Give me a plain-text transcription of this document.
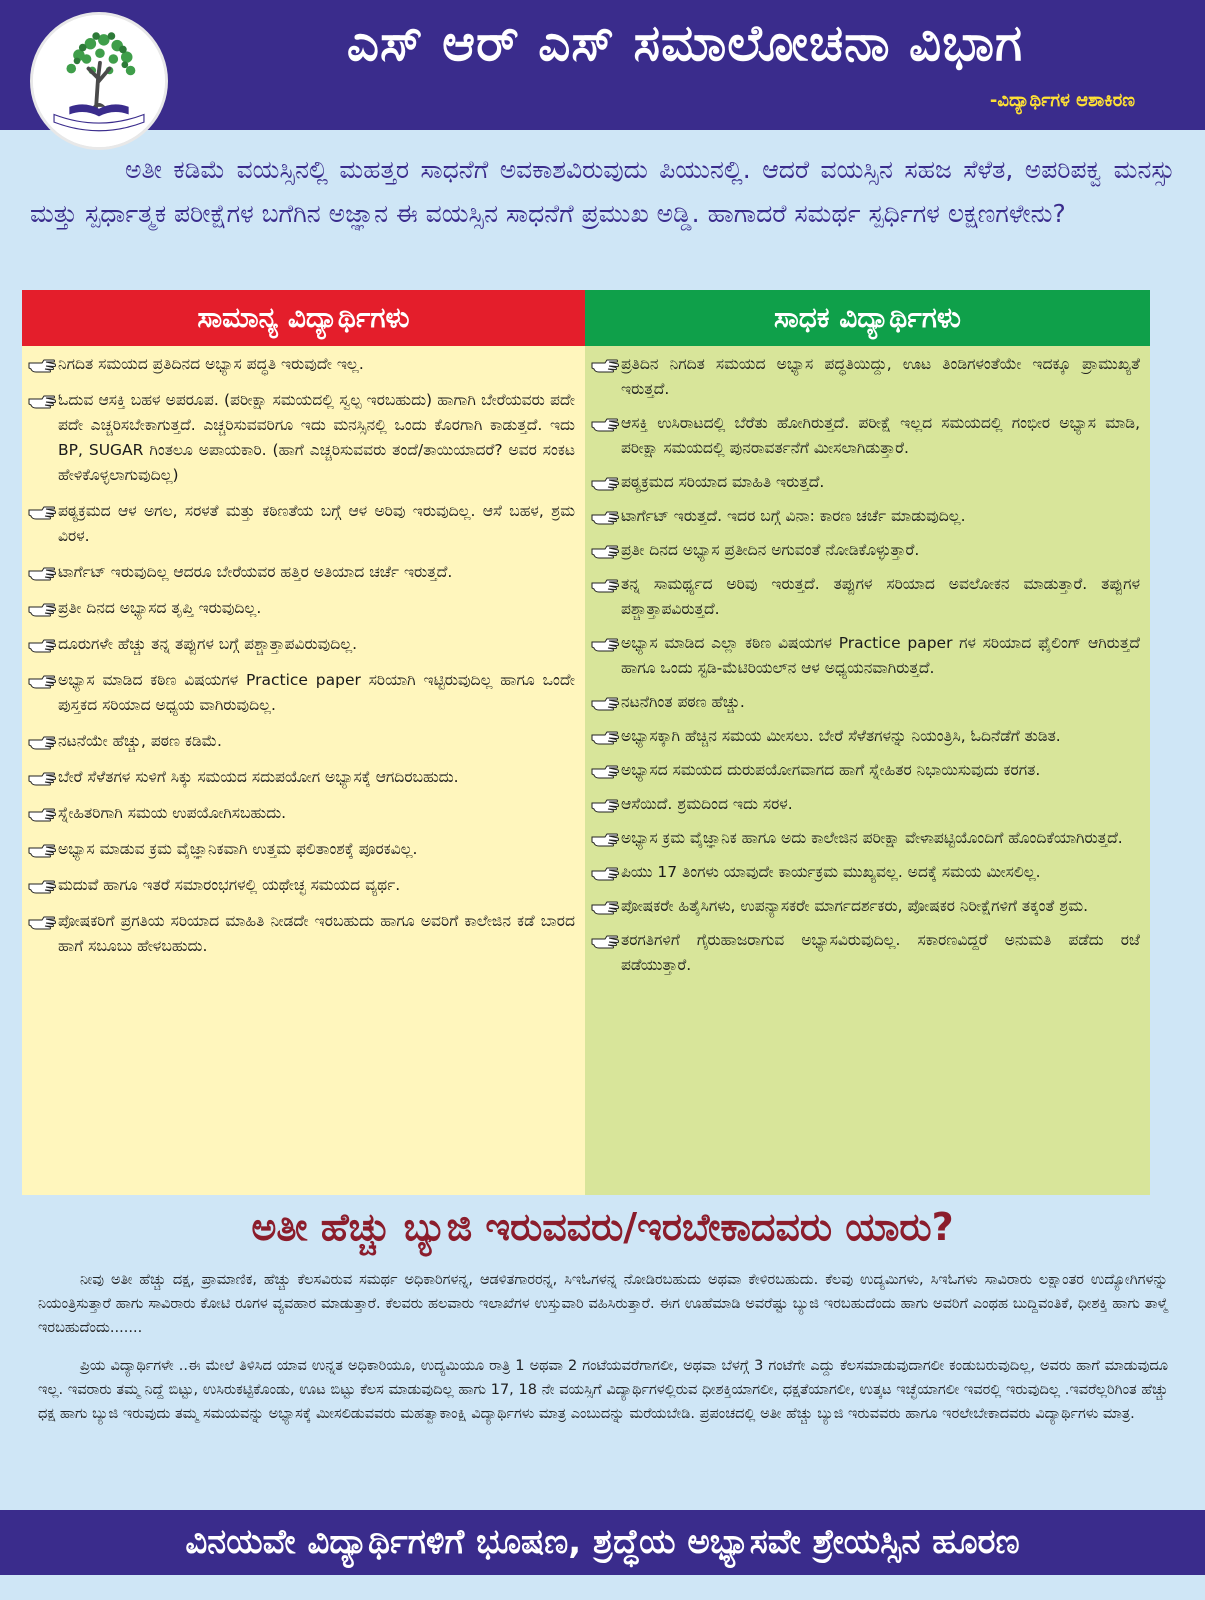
ಎಸ್ ಆರ್ ಎಸ್ ಸಮಾಲೋಚನಾ ವಿಭಾಗ
-ವಿದ್ಯಾರ್ಥಿಗಳ ಆಶಾಕಿರಣ

ಅತೀ ಕಡಿಮೆ ವಯಸ್ಸಿನಲ್ಲಿ ಮಹತ್ತರ ಸಾಧನೆಗೆ ಅವಕಾಶವಿರುವುದು ಪಿಯುನಲ್ಲಿ. ಆದರೆ ವಯಸ್ಸಿನ ಸಹಜ ಸೆಳೆತ, ಅಪರಿಪಕ್ವ ಮನಸ್ಸು ಮತ್ತು ಸ್ಪರ್ಧಾತ್ಮಕ ಪರೀಕ್ಷೆಗಳ ಬಗೆಗಿನ ಅಜ್ಞಾನ ಈ ವಯಸ್ಸಿನ ಸಾಧನೆಗೆ ಪ್ರಮುಖ ಅಡ್ಡಿ. ಹಾಗಾದರೆ ಸಮರ್ಥ ಸ್ಪರ್ಧಿಗಳ ಲಕ್ಷಣಗಳೇನು?

ಸಾಮಾನ್ಯ ವಿದ್ಯಾರ್ಥಿಗಳು
ನಿಗದಿತ ಸಮಯದ ಪ್ರತಿದಿನದ ಅಭ್ಯಾಸ ಪದ್ಧತಿ ಇರುವುದೇ ಇಲ್ಲ.
ಓದುವ ಆಸಕ್ತಿ ಬಹಳ ಅಪರೂಪ. (ಪರೀಕ್ಷಾ ಸಮಯದಲ್ಲಿ ಸ್ವಲ್ಪ ಇರಬಹುದು) ಹಾಗಾಗಿ ಬೇರೆಯವರು ಪದೇ ಪದೇ ಎಚ್ಚರಿಸಬೇಕಾಗುತ್ತದೆ. ಎಚ್ಚರಿಸುವವರಿಗೂ ಇದು ಮನಸ್ಸಿನಲ್ಲಿ ಒಂದು ಕೊರಗಾಗಿ ಕಾಡುತ್ತದೆ. ಇದು BP, SUGAR ಗಿಂತಲೂ ಅಪಾಯಕಾರಿ. (ಹಾಗೆ ಎಚ್ಚರಿಸುವವರು ತಂದೆ/ತಾಯಿಯಾದರೆ? ಅವರ ಸಂಕಟ ಹೇಳಿಕೊಳ್ಳಲಾಗುವುದಿಲ್ಲ)
ಪಠ್ಯಕ್ರಮದ ಆಳ ಅಗಲ, ಸರಳತೆ ಮತ್ತು ಕಠಿಣತೆಯ ಬಗ್ಗೆ ಆಳ ಅರಿವು ಇರುವುದಿಲ್ಲ. ಆಸೆ ಬಹಳ, ಶ್ರಮ ವಿರಳ.
ಟಾರ್ಗೆಟ್ ಇರುವುದಿಲ್ಲ ಆದರೂ ಬೇರೆಯವರ ಹತ್ತಿರ ಅತಿಯಾದ ಚರ್ಚೆ ಇರುತ್ತದೆ.
ಪ್ರತೀ ದಿನದ ಅಭ್ಯಾಸದ ತೃಪ್ತಿ ಇರುವುದಿಲ್ಲ.
ದೂರುಗಳೇ ಹೆಚ್ಚು ತನ್ನ ತಪ್ಪುಗಳ ಬಗ್ಗೆ ಪಶ್ಚಾತ್ತಾಪವಿರುವುದಿಲ್ಲ.
ಅಭ್ಯಾಸ ಮಾಡಿದ ಕಠಿಣ ವಿಷಯಗಳ Practice paper ಸರಿಯಾಗಿ ಇಟ್ಟಿರುವುದಿಲ್ಲ ಹಾಗೂ ಒಂದೇ ಪುಸ್ತಕದ ಸರಿಯಾದ ಅಧ್ಯಯ ವಾಗಿರುವುದಿಲ್ಲ.
ನಟನೆಯೇ ಹೆಚ್ಚು, ಪಠಣ ಕಡಿಮೆ.
ಬೇರೆ ಸೆಳೆತಗಳ ಸುಳಿಗೆ ಸಿಕ್ಕು ಸಮಯದ ಸದುಪಯೋಗ ಅಭ್ಯಾಸಕ್ಕೆ ಆಗದಿರಬಹುದು.
ಸ್ನೇಹಿತರಿಗಾಗಿ ಸಮಯ ಉಪಯೋಗಿಸಬಹುದು.
ಅಭ್ಯಾಸ ಮಾಡುವ ಕ್ರಮ ವೈಜ್ಞಾನಿಕವಾಗಿ ಉತ್ತಮ ಫಲಿತಾಂಶಕ್ಕೆ ಪೂರಕವಿಲ್ಲ.
ಮದುವೆ ಹಾಗೂ ಇತರೆ ಸಮಾರಂಭಗಳಲ್ಲಿ ಯಥೇಚ್ಛ ಸಮಯದ ವ್ಯರ್ಥ.
ಪೋಷಕರಿಗೆ ಪ್ರಗತಿಯ ಸರಿಯಾದ ಮಾಹಿತಿ ನೀಡದೇ ಇರಬಹುದು ಹಾಗೂ ಅವರಿಗೆ ಕಾಲೇಜಿನ ಕಡೆ ಬಾರದ ಹಾಗೆ ಸಬೂಬು ಹೇಳಬಹುದು.
ಸಾಧಕ ವಿದ್ಯಾರ್ಥಿಗಳು
ಪ್ರತಿದಿನ ನಿಗದಿತ ಸಮಯದ ಅಭ್ಯಾಸ ಪದ್ಧತಿಯಿದ್ದು, ಊಟ ತಿಂಡಿಗಳಂತೆಯೇ ಇದಕ್ಕೂ ಪ್ರಾಮುಖ್ಯತೆ ಇರುತ್ತದೆ.
ಆಸಕ್ತಿ ಉಸಿರಾಟದಲ್ಲಿ ಬೆರೆತು ಹೋಗಿರುತ್ತದೆ. ಪರೀಕ್ಷೆ ಇಲ್ಲದ ಸಮಯದಲ್ಲಿ ಗಂಭೀರ ಅಭ್ಯಾಸ ಮಾಡಿ, ಪರೀಕ್ಷಾ ಸಮಯದಲ್ಲಿ ಪುನರಾವರ್ತನೆಗೆ ಮೀಸಲಾಗಿಡುತ್ತಾರೆ.
ಪಠ್ಯಕ್ರಮದ ಸರಿಯಾದ ಮಾಹಿತಿ ಇರುತ್ತದೆ.
ಟಾರ್ಗೆಟ್ ಇರುತ್ತದೆ. ಇದರ ಬಗ್ಗೆ ವಿನಾ: ಕಾರಣ ಚರ್ಚೆ ಮಾಡುವುದಿಲ್ಲ.
ಪ್ರತೀ ದಿನದ ಅಭ್ಯಾಸ ಪ್ರತೀದಿನ ಅಗುವಂತೆ ನೋಡಿಕೊಳ್ಳುತ್ತಾರೆ.
ತನ್ನ ಸಾಮರ್ಥ್ಯದ ಅರಿವು ಇರುತ್ತದೆ. ತಪ್ಪುಗಳ ಸರಿಯಾದ ಅವಲೋಕನ ಮಾಡುತ್ತಾರೆ. ತಪ್ಪುಗಳ ಪಶ್ಚಾತ್ತಾಪವಿರುತ್ತದೆ.
ಅಭ್ಯಾಸ ಮಾಡಿದ ಎಲ್ಲಾ ಕಠಿಣ ವಿಷಯಗಳ Practice paper ಗಳ ಸರಿಯಾದ ಫೈಲಿಂಗ್ ಆಗಿರುತ್ತದೆ ಹಾಗೂ ಒಂದು ಸ್ಟಡಿ-ಮೆಟಿರಿಯಲ್‌ನ ಆಳ ಅಧ್ಯಯನವಾಗಿರುತ್ತದೆ.
ನಟನೆಗಿಂತ ಪಠಣ ಹೆಚ್ಚು.
ಅಭ್ಯಾಸಕ್ಕಾಗಿ ಹೆಚ್ಚಿನ ಸಮಯ ಮೀಸಲು. ಬೇರೆ ಸೆಳೆತಗಳನ್ನು ನಿಯಂತ್ರಿಸಿ, ಓದಿನೆಡೆಗೆ ತುಡಿತ.
ಅಭ್ಯಾಸದ ಸಮಯದ ದುರುಪಯೋಗವಾಗದ ಹಾಗೆ ಸ್ನೇಹಿತರ ನಿಭಾಯಿಸುವುದು ಕರಗತ.
ಆಸೆಯಿದೆ. ಶ್ರಮದಿಂದ ಇದು ಸರಳ.
ಅಭ್ಯಾಸ ಕ್ರಮ ವೈಜ್ಞಾನಿಕ ಹಾಗೂ ಅದು ಕಾಲೇಜಿನ ಪರೀಕ್ಷಾ ವೇಳಾಪಟ್ಟಿಯೊಂದಿಗೆ ಹೊಂದಿಕೆಯಾಗಿರುತ್ತದೆ.
ಪಿಯು 17 ತಿಂಗಳು ಯಾವುದೇ ಕಾರ್ಯಕ್ರಮ ಮುಖ್ಯವಲ್ಲ. ಅದಕ್ಕೆ ಸಮಯ ಮೀಸಲಿಲ್ಲ.
ಪೋಷಕರೇ ಹಿತೈಸಿಗಳು, ಉಪನ್ಯಾಸಕರೇ ಮಾರ್ಗದರ್ಶಕರು, ಪೋಷಕರ ನಿರೀಕ್ಷೆಗಳಿಗೆ ತಕ್ಕಂತೆ ಶ್ರಮ.
ತರಗತಿಗಳಿಗೆ ಗೈರುಹಾಜರಾಗುವ ಅಭ್ಯಾಸವಿರುವುದಿಲ್ಲ. ಸಕಾರಣವಿದ್ದರೆ ಅನುಮತಿ ಪಡೆದು ರಜೆ ಪಡೆಯುತ್ತಾರೆ.
ಅತೀ ಹೆಚ್ಚು ಬ್ಯುಜಿ ಇರುವವರು/ಇರಬೇಕಾದವರು ಯಾರು?

ನೀವು ಅತೀ ಹೆಚ್ಚು ದಕ್ಷ, ಪ್ರಾಮಾಣಿಕ, ಹೆಚ್ಚು ಕೆಲಸವಿರುವ ಸಮರ್ಥ ಅಧಿಕಾರಿಗಳನ್ನ, ಆಡಳಿತಗಾರರನ್ನ, ಸಿಇಓಗಳನ್ನ ನೋಡಿರಬಹುದು ಅಥವಾ ಕೇಳಿರಬಹುದು. ಕೆಲವು ಉದ್ಯಮಿಗಳು, ಸಿಇಓಗಳು ಸಾವಿರಾರು ಲಕ್ಷಾಂತರ ಉದ್ಯೋಗಿಗಳನ್ನು ನಿಯಂತ್ರಿಸುತ್ತಾರೆ ಹಾಗು ಸಾವಿರಾರು ಕೋಟಿ ರೂಗಳ ವ್ಯವಹಾರ ಮಾಡುತ್ತಾರೆ. ಕೆಲವರು ಹಲವಾರು ಇಲಾಖೆಗಳ ಉಸ್ತುವಾರಿ ವಹಿಸಿರುತ್ತಾರೆ. ಈಗ ಊಹೆಮಾಡಿ ಅವರೆಷ್ಟು ಬ್ಯುಜಿ ಇರಬಹುದೆಂದು ಹಾಗು ಅವರಿಗೆ ಎಂಥಹ ಬುದ್ದಿವಂತಿಕೆ, ಧೀಶಕ್ತಿ ಹಾಗು ತಾಳ್ಮೆ ಇರಬಹುದೆಂದು.......

ಪ್ರಿಯ ವಿದ್ಯಾರ್ಥಿಗಳೇ ..ಈ ಮೇಲೆ ತಿಳಿಸಿದ ಯಾವ ಉನ್ನತ ಅಧಿಕಾರಿಯೂ, ಉದ್ಯಮಿಯೂ ರಾತ್ರಿ 1 ಅಥವಾ 2 ಗಂಟೆಯವರೆಗಾಗಲೀ, ಅಥವಾ ಬೆಳಗ್ಗೆ 3 ಗಂಟೆಗೇ ಎದ್ದು ಕೆಲಸಮಾಡುವುದಾಗಲೀ ಕಂಡುಬರುವುದಿಲ್ಲ, ಅವರು ಹಾಗೆ ಮಾಡುವುದೂ ಇಲ್ಲ. ಇವರಾರು ತಮ್ಮ ನಿದ್ದೆ ಬಿಟ್ಟು, ಉಸಿರುಕಟ್ಟಿಕೊಂಡು, ಊಟ ಬಿಟ್ಟು ಕೆಲಸ ಮಾಡುವುದಿಲ್ಲ ಹಾಗು 17, 18 ನೇ ವಯಸ್ಸಿಗೆ ವಿದ್ಯಾರ್ಥಿಗಳಲ್ಲಿರುವ ಧೀಶಕ್ತಿಯಾಗಲೀ, ಧಕ್ಷತೆಯಾಗಲೀ, ಉತ್ಕಟ ಇಚ್ಛೆಯಾಗಲೀ ಇವರಲ್ಲಿ ಇರುವುದಿಲ್ಲ .ಇವರೆಲ್ಲರಿಗಿಂತ ಹೆಚ್ಚು ಧಕ್ಷ ಹಾಗು ಬ್ಯುಜಿ ಇರುವುದು ತಮ್ಮ ಸಮಯವನ್ನು ಅಭ್ಯಾಸಕ್ಕೆ ಮೀಸಲಿಡುವವರು ಮಹತ್ವಾಕಾಂಕ್ಷಿ ವಿದ್ಯಾರ್ಥಿಗಳು ಮಾತ್ರ ಎಂಬುದನ್ನು ಮರೆಯಬೇಡಿ. ಪ್ರಪಂಚದಲ್ಲಿ ಅತೀ ಹೆಚ್ಚು ಬ್ಯುಜಿ ಇರುವವರು ಹಾಗೂ ಇರಲೇಬೇಕಾದವರು ವಿದ್ಯಾರ್ಥಿಗಳು ಮಾತ್ರ.

ವಿನಯವೇ ವಿದ್ಯಾರ್ಥಿಗಳಿಗೆ ಭೂಷಣ, ಶ್ರದ್ಧೆಯ ಅಭ್ಯಾಸವೇ ಶ್ರೇಯಸ್ಸಿನ ಹೂರಣ
